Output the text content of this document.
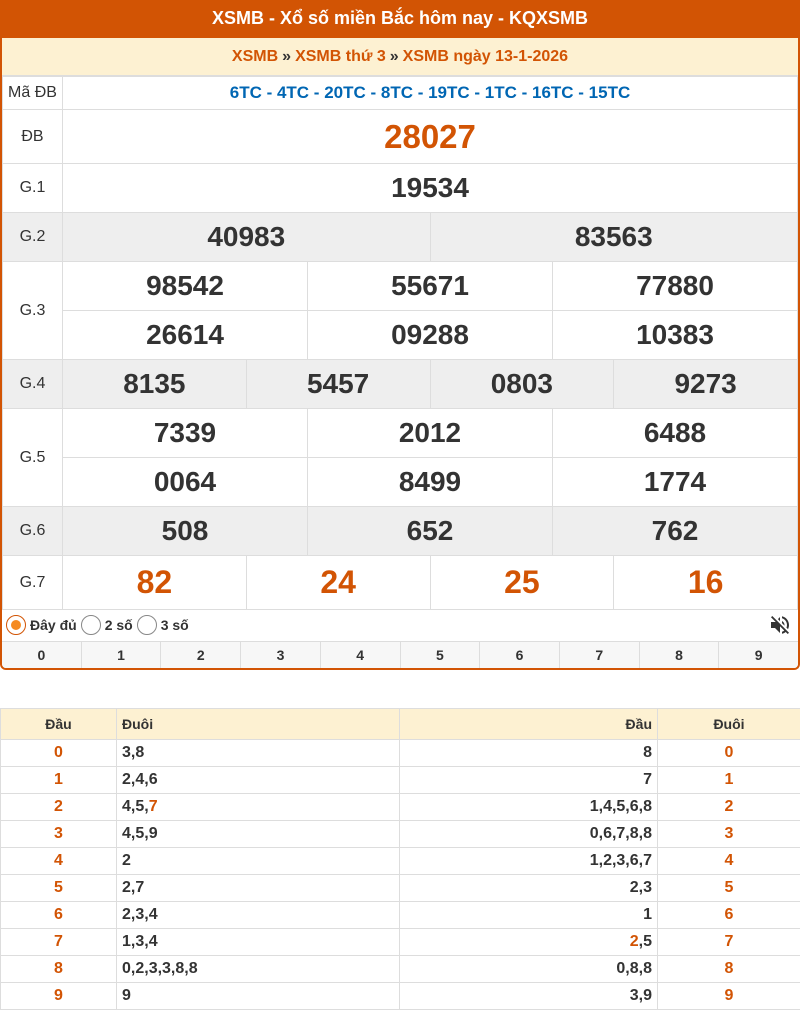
XSMB - Xổ số miền Bắc hôm nay - KQXSMB
XSMB » XSMB thứ 3 » XSMB ngày 13-1-2026
Mã ĐB	6TC - 4TC - 20TC - 8TC - 19TC - 1TC - 16TC - 15TC					
ĐB	28027					
G.1	19534					
G.2	40983			83563		
G.3	98542		55671		77880	
	26614		09288		10383	
G.4	8135	5457		0803		9273
G.5	7339		2012		6488	
	0064		8499		1774	
G.6	508		652		762	
G.7	82	24		25		16
Đây đủ 2 số 3 số
0	1	2	3	4	5	6	7	8	9
Đầu	Đuôi	Đầu	Đuôi
0	3,8	8	0
1	2,4,6	7	1
2	4,5,7	1,4,5,6,8	2
3	4,5,9	0,6,7,8,8	3
4	2	1,2,3,6,7	4
5	2,7	2,3	5
6	2,3,4	1	6
7	1,3,4	2,5	7
8	0,2,3,3,8,8	0,8,8	8
9	9	3,9	9
